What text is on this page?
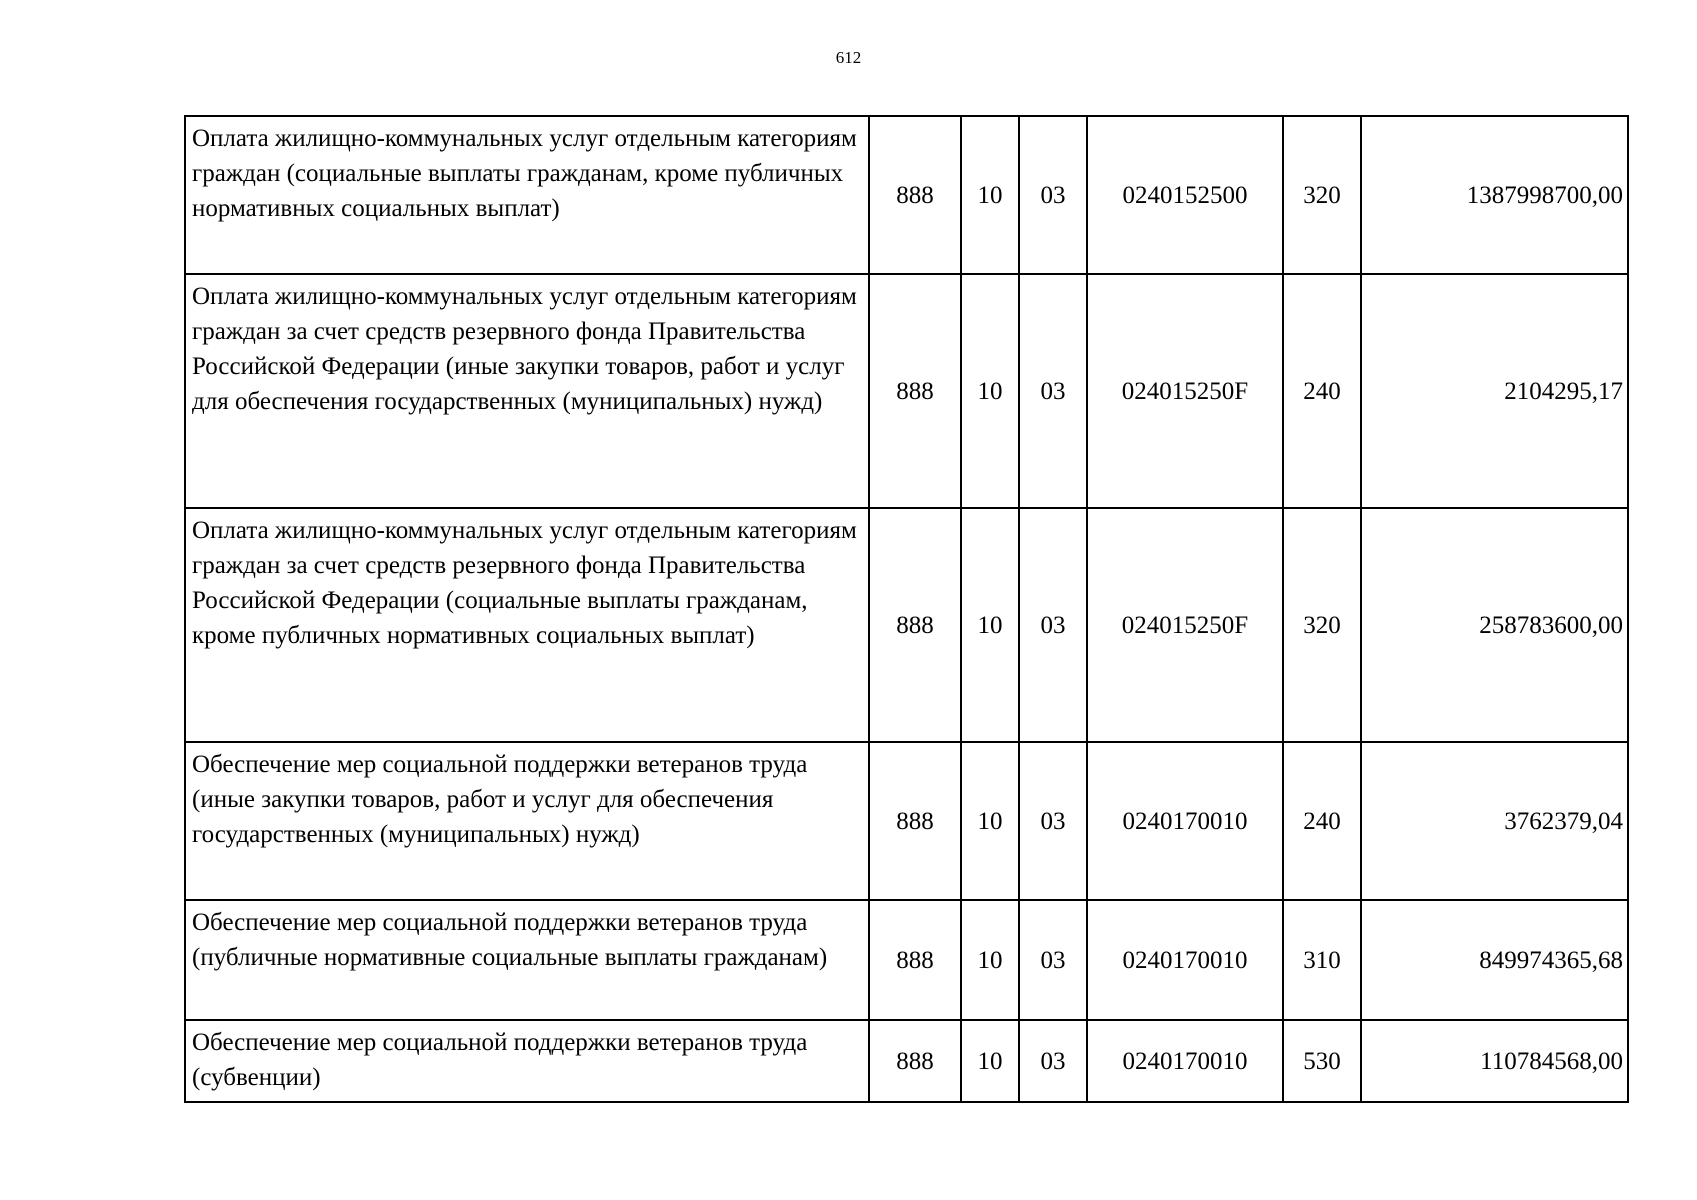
612
Оплата жилищно-коммунальных услуг отдельным категориям граждан (социальные выплаты гражданам, кроме публичных нормативных социальных выплат)	888	10	03	0240152500	320	1387998700,00
Оплата жилищно-коммунальных услуг отдельным категориям граждан за счет средств резервного фонда Правительства Российской Федерации (иные закупки товаров, работ и услуг для обеспечения государственных (муниципальных) нужд)	888	10	03	024015250F	240	2104295,17
Оплата жилищно-коммунальных услуг отдельным категориям граждан за счет средств резервного фонда Правительства Российской Федерации (социальные выплаты гражданам, кроме публичных нормативных социальных выплат)	888	10	03	024015250F	320	258783600,00
Обеспечение мер социальной поддержки ветеранов труда (иные закупки товаров, работ и услуг для обеспечения государственных (муниципальных) нужд)	888	10	03	0240170010	240	3762379,04
Обеспечение мер социальной поддержки ветеранов труда (публичные нормативные социальные выплаты гражданам)	888	10	03	0240170010	310	849974365,68
Обеспечение мер социальной поддержки ветеранов труда (субвенции)	888	10	03	0240170010	530	110784568,00
